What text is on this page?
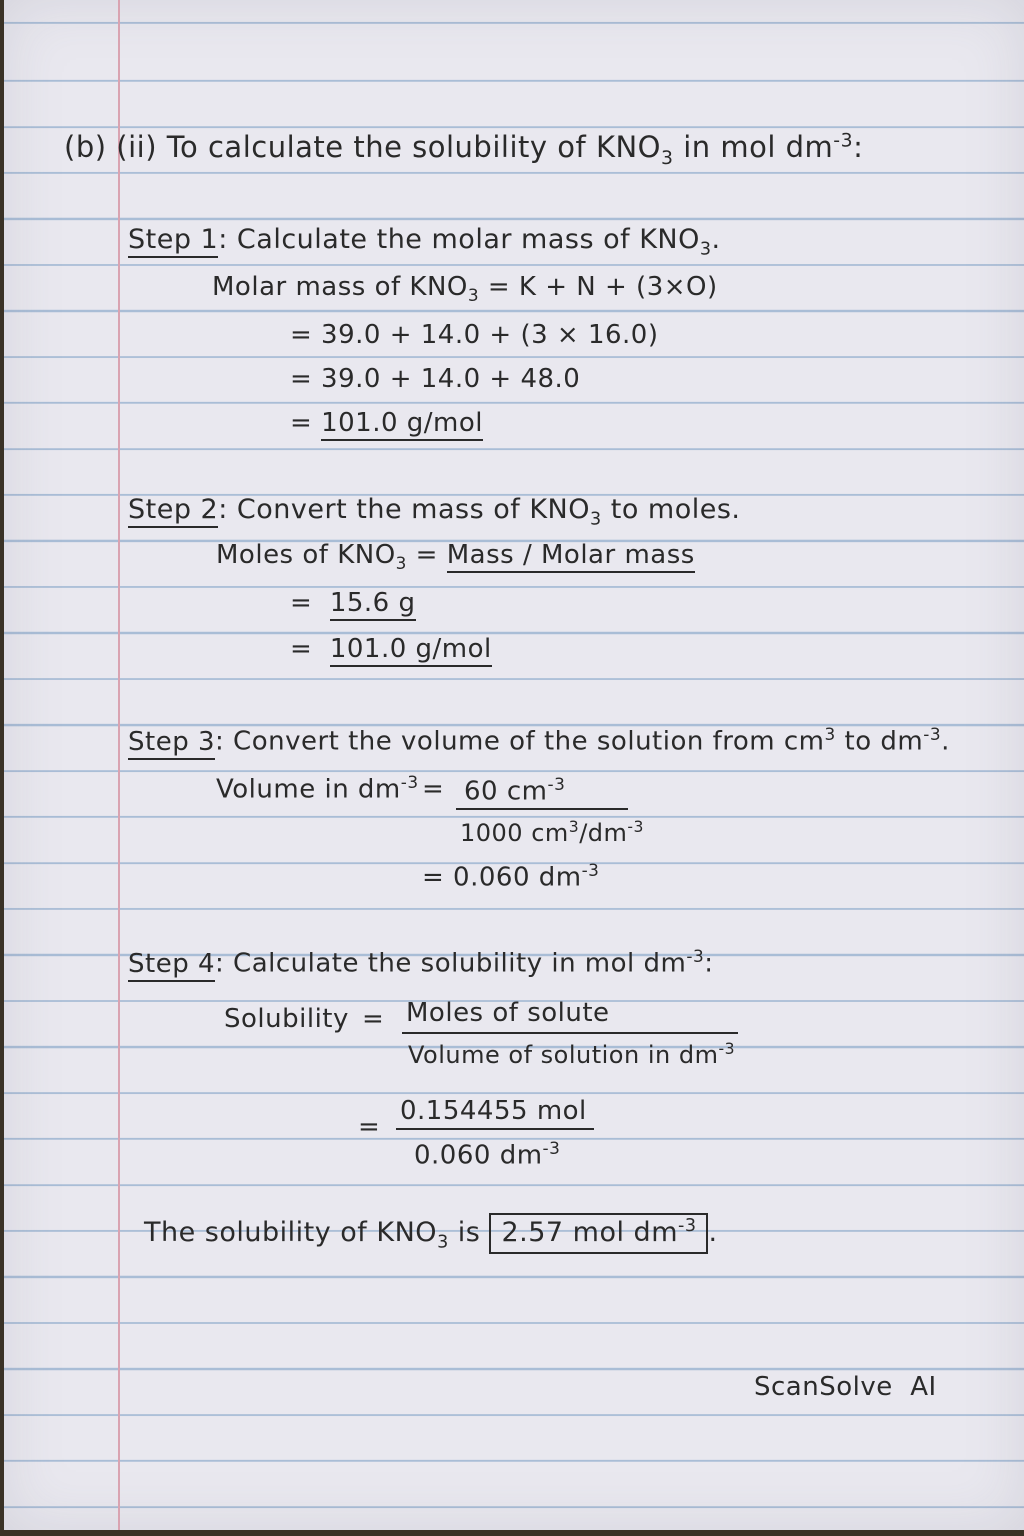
(b) (ii) To calculate the solubility of $KNO_3$ in mol $dm^{-3}$:
Step 1: Calculate the molar mass of $KNO_3$.
Molar mass of $KNO_3 = K + N + (3\times O)$
= 39.0 + 14.0 + (3 × 16.0)
= 39.0 + 14.0 + 48.0
= 101.0 g/mol
Step 2: Convert the mass of $KNO_3$ to moles.
Moles of $KNO_3$ = Mass / Molar mass
= 15.6 g
= 101.0 g/mol
Step 3: Convert the volume of the solution from $cm^3$ to $dm^{-3}$.
Volume in $dm^{-3} = 60$ $cm^{-3}$
1000 $cm^3/dm^{-3}$
= 0.060 $dm^{-3}$
Step 4: Calculate the solubility in mol $dm^{-3}$:
Solubility = Moles of solute
Volume of solution in $dm^{-3}$
=
0.154455 mol
0.060 $dm^{-3}$
The solubility of $KNO_3$ is 2.57 mol $dm^{-3}$ .
ScanSolve AI
